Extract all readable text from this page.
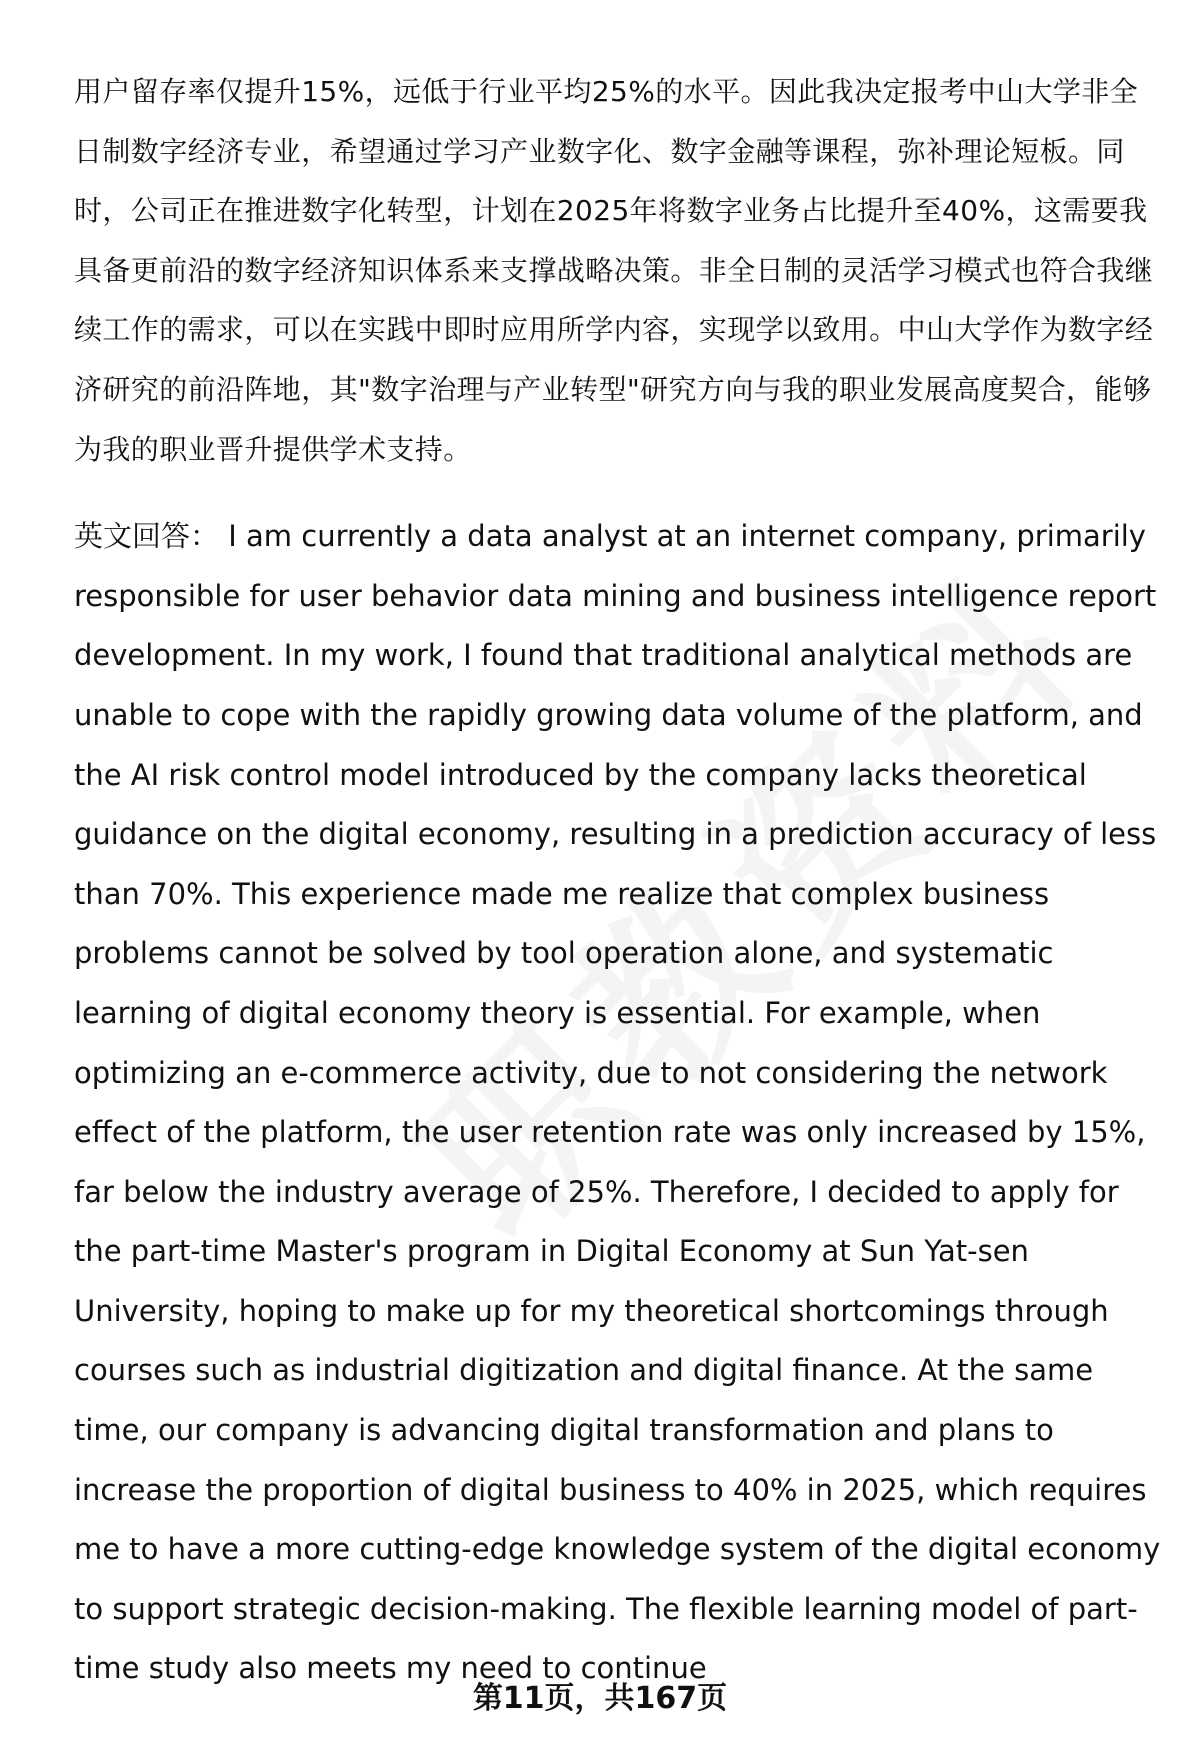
用户留存率仅提升15%，远低于行业平均25%的水平。因此我决定报考中山大学非全日制数字经济专业，希望通过学习产业数字化、数字金融等课程，弥补理论短板。同时，公司正在推进数字化转型，计划在2025年将数字业务占比提升至40%，这需要我具备更前沿的数字经济知识体系来支撑战略决策。非全日制的灵活学习模式也符合我继续工作的需求，可以在实践中即时应用所学内容，实现学以致用。中山大学作为数字经济研究的前沿阵地，其"数字治理与产业转型"研究方向与我的职业发展高度契合，能够为我的职业晋升提供学术支持。

英文回答： I am currently a data analyst at an internet company, primarily responsible for user behavior data mining and business intelligence report development. In my work, I found that traditional analytical methods are unable to cope with the rapidly growing data volume of the platform, and the AI risk control model introduced by the company lacks theoretical guidance on the digital economy, resulting in a prediction accuracy of less than 70%. This experience made me realize that complex business problems cannot be solved by tool operation alone, and systematic learning of digital economy theory is essential. For example, when optimizing an e-commerce activity, due to not considering the network effect of the platform, the user retention rate was only increased by 15%, far below the industry average of 25%. Therefore, I decided to apply for the part-time Master's program in Digital Economy at Sun Yat-sen University, hoping to make up for my theoretical shortcomings through courses such as industrial digitization and digital finance. At the same time, our company is advancing digital transformation and plans to increase the proportion of digital business to 40% in 2025, which requires me to have a more cutting-edge knowledge system of the digital economy to support strategic decision-making. The flexible learning model of part-time study also meets my need to continue

第11页，共167页
